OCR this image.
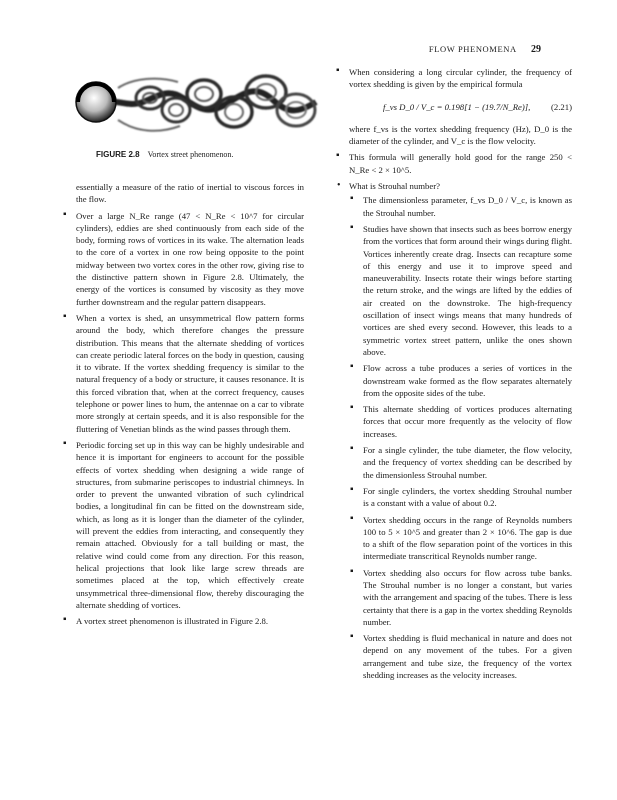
FLOW PHENOMENA 29
FIGURE 2.8 Vortex street phenomenon.

essentially a measure of the ratio of inertial to viscous forces in the flow.

▪ Over a large N_Re range (47 < N_Re < 10^7 for circular cylinders), eddies are shed continuously from each side of the body, forming rows of vortices in its wake. The alternation leads to the core of a vortex in one row being opposite to the point midway between two vortex cores in the other row, giving rise to the distinctive pattern shown in Figure 2.8. Ultimately, the energy of the vortices is consumed by viscosity as they move further downstream and the regular pattern disappears.
▪ When a vortex is shed, an unsymmetrical flow pattern forms around the body, which therefore changes the pressure distribution. This means that the alternate shedding of vortices can create periodic lateral forces on the body in question, causing it to vibrate. If the vortex shedding frequency is similar to the natural frequency of a body or structure, it causes resonance. It is this forced vibration that, when at the correct frequency, causes telephone or power lines to hum, the antennae on a car to vibrate more strongly at certain speeds, and it is also responsible for the fluttering of Venetian blinds as the wind passes through them.
▪ Periodic forcing set up in this way can be highly undesirable and hence it is important for engineers to account for the possible effects of vortex shedding when designing a wide range of structures, from submarine periscopes to industrial chimneys. In order to prevent the unwanted vibration of such cylindrical bodies, a longitudinal fin can be fitted on the downstream side, which, as long as it is longer than the diameter of the cylinder, will prevent the eddies from interacting, and consequently they remain attached. Obviously for a tall building or mast, the relative wind could come from any direction. For this reason, helical projections that look like large screw threads are sometimes placed at the top, which effectively create unsymmetrical three-dimensional flow, thereby discouraging the alternate shedding of vortices.
▪ A vortex street phenomenon is illustrated in Figure 2.8.
▪ When considering a long circular cylinder, the frequency of vortex shedding is given by the empirical formula
f_vs D_0 / V_c = 0.198[1 − (19.7/N_Re)], (2.21)
where f_vs is the vortex shedding frequency (Hz), D_0 is the diameter of the cylinder, and V_c is the flow velocity.
▪ This formula will generally hold good for the range 250 < N_Re < 2 × 10^5.
• What is Strouhal number?
▪ The dimensionless parameter, f_vs D_0 / V_c, is known as the Strouhal number.
▪ Studies have shown that insects such as bees borrow energy from the vortices that form around their wings during flight. Vortices inherently create drag. Insects can recapture some of this energy and use it to improve speed and maneuverability. Insects rotate their wings before starting the return stroke, and the wings are lifted by the eddies of air created on the downstroke. The high-frequency oscillation of insect wings means that many hundreds of vortices are shed every second. However, this leads to a symmetric vortex street pattern, unlike the ones shown above.
▪ Flow across a tube produces a series of vortices in the downstream wake formed as the flow separates alternately from the opposite sides of the tube.
▪ This alternate shedding of vortices produces alternating forces that occur more frequently as the velocity of flow increases.
▪ For a single cylinder, the tube diameter, the flow velocity, and the frequency of vortex shedding can be described by the dimensionless Strouhal number.
▪ For single cylinders, the vortex shedding Strouhal number is a constant with a value of about 0.2.
▪ Vortex shedding occurs in the range of Reynolds numbers 100 to 5 × 10^5 and greater than 2 × 10^6. The gap is due to a shift of the flow separation point of the vortices in this intermediate transcritical Reynolds number range.
▪ Vortex shedding also occurs for flow across tube banks. The Strouhal number is no longer a constant, but varies with the arrangement and spacing of the tubes. There is less certainty that there is a gap in the vortex shedding Reynolds number.
▪ Vortex shedding is fluid mechanical in nature and does not depend on any movement of the tubes. For a given arrangement and tube size, the frequency of the vortex shedding increases as the velocity increases.
